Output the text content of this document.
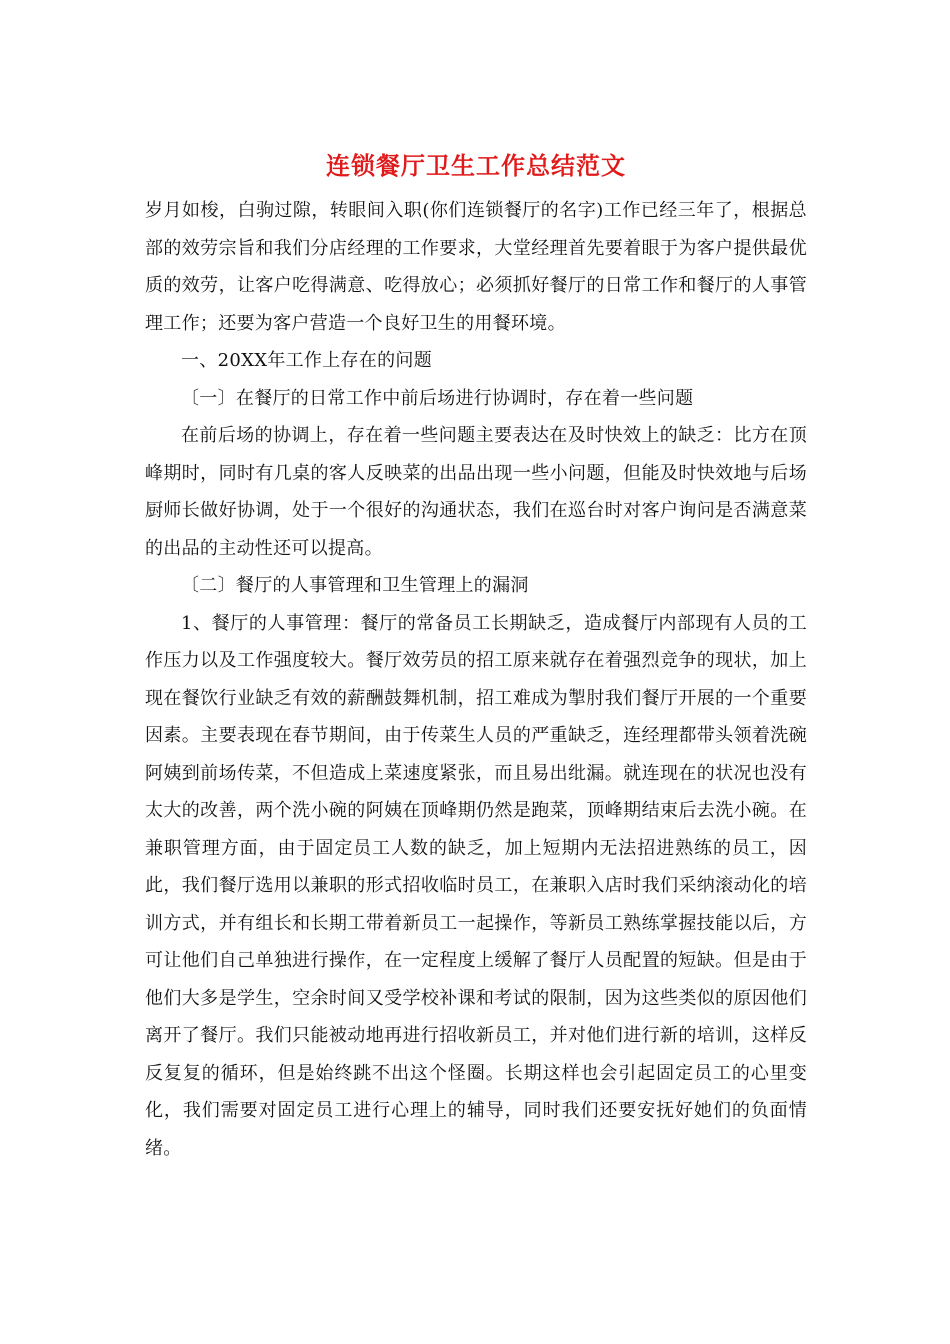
连锁餐厅卫生工作总结范文

岁月如梭，白驹过隙，转眼间入职(你们连锁餐厅的名字)工作已经三年了，根据总部的效劳宗旨和我们分店经理的工作要求，大堂经理首先要着眼于为客户提供最优质的效劳，让客户吃得满意、吃得放心；必须抓好餐厅的日常工作和餐厅的人事管理工作；还要为客户营造一个良好卫生的用餐环境。

一、20XX年工作上存在的问题

〔一〕在餐厅的日常工作中前后场进行协调时，存在着一些问题

在前后场的协调上，存在着一些问题主要表达在及时快效上的缺乏：比方在顶峰期时，同时有几桌的客人反映菜的出品出现一些小问题，但能及时快效地与后场厨师长做好协调，处于一个很好的沟通状态，我们在巡台时对客户询问是否满意菜的出品的主动性还可以提高。

〔二〕餐厅的人事管理和卫生管理上的漏洞

1、餐厅的人事管理：餐厅的常备员工长期缺乏，造成餐厅内部现有人员的工作压力以及工作强度较大。餐厅效劳员的招工原来就存在着强烈竞争的现状，加上现在餐饮行业缺乏有效的薪酬鼓舞机制，招工难成为掣肘我们餐厅开展的一个重要因素。主要表现在春节期间，由于传菜生人员的严重缺乏，连经理都带头领着洗碗阿姨到前场传菜，不但造成上菜速度紧张，而且易出纰漏。就连现在的状况也没有太大的改善，两个洗小碗的阿姨在顶峰期仍然是跑菜，顶峰期结束后去洗小碗。在兼职管理方面，由于固定员工人数的缺乏，加上短期内无法招进熟练的员工，因此，我们餐厅选用以兼职的形式招收临时员工，在兼职入店时我们采纳滚动化的培训方式，并有组长和长期工带着新员工一起操作，等新员工熟练掌握技能以后，方可让他们自己单独进行操作，在一定程度上缓解了餐厅人员配置的短缺。但是由于他们大多是学生，空余时间又受学校补课和考试的限制，因为这些类似的原因他们离开了餐厅。我们只能被动地再进行招收新员工，并对他们进行新的培训，这样反反复复的循环，但是始终跳不出这个怪圈。长期这样也会引起固定员工的心里变化，我们需要对固定员工进行心理上的辅导，同时我们还要安抚好她们的负面情绪。
